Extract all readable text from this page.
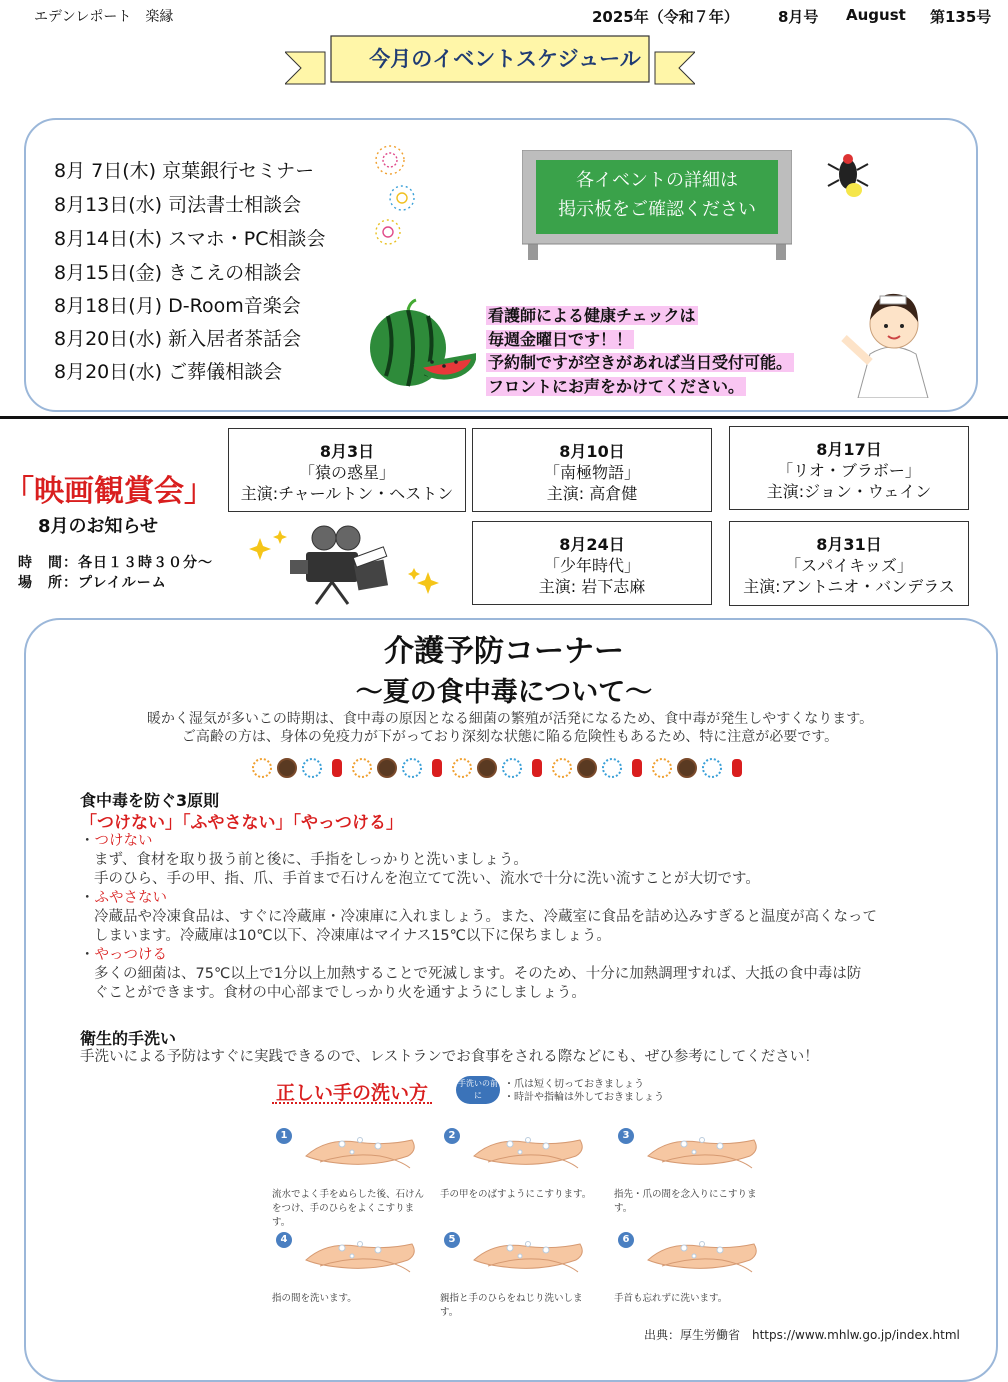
エデンレポート　楽縁	2025年（令和７年）	8月号 August 第135号
今月のイベントスケジュール
8月 7日(木) 京葉銀行セミナー
8月13日(水) 司法書士相談会
8月14日(木) スマホ・PC相談会
8月15日(金) きこえの相談会
8月18日(月) D-Room音楽会
8月20日(水) 新入居者茶話会
8月20日(水) ご葬儀相談会
各イベントの詳細は
掲示板をご確認ください
看護師による健康チェックは
毎週金曜日です！！
予約制ですが空きがあれば当日受付可能。
フロントにお声をかけてください。
「映画観賞会」
8月のお知らせ
時　間：各日１３時３０分～
場　所：プレイルーム
8月3日
「猿の惑星」
主演:チャールトン・ヘストン
8月10日
「南極物語」
主演: 高倉健
8月17日
「リオ・ブラボー」
主演:ジョン・ウェイン
8月24日
「少年時代」
主演: 岩下志麻
8月31日
「スパイキッズ」
主演:アントニオ・バンデラス
介護予防コーナー
～夏の食中毒について～
暖かく湿気が多いこの時期は、食中毒の原因となる細菌の繁殖が活発になるため、食中毒が発生しやすくなります。
ご高齢の方は、身体の免疫力が下がっており深刻な状態に陥る危険性もあるため、特に注意が必要です。
食中毒を防ぐ3原則
「つけない」「ふやさない」「やっつける」
・つけない
まず、食材を取り扱う前と後に、手指をしっかりと洗いましょう。
手のひら、手の甲、指、爪、手首まで石けんを泡立てて洗い、流水で十分に洗い流すことが大切です。
・ふやさない
冷蔵品や冷凍食品は、すぐに冷蔵庫・冷凍庫に入れましょう。また、冷蔵室に食品を詰め込みすぎると温度が高くなって
しまいます。冷蔵庫は10℃以下、冷凍庫はマイナス15℃以下に保ちましょう。
・やっつける
多くの細菌は、75℃以上で1分以上加熱することで死滅します。そのため、十分に加熱調理すれば、大抵の食中毒は防
ぐことができます。食材の中心部までしっかり火を通すようにしましょう。
衛生的手洗い
手洗いによる予防はすぐに実践できるので、レストランでお食事をされる際などにも、ぜひ参考にしてください！
正しい手の洗い方	手洗いの前に
・爪は短く切っておきましょう
・時計や指輪は外しておきましょう
1
流水でよく手をぬらした後、石けんをつけ、手のひらをよくこすります。
2
手の甲をのばすようにこすります。
3
指先・爪の間を念入りにこすります。
4
指の間を洗います。
5
親指と手のひらをねじり洗いします。
6
手首も忘れずに洗います。
出典：厚生労働省　https://www.mhlw.go.jp/index.html
